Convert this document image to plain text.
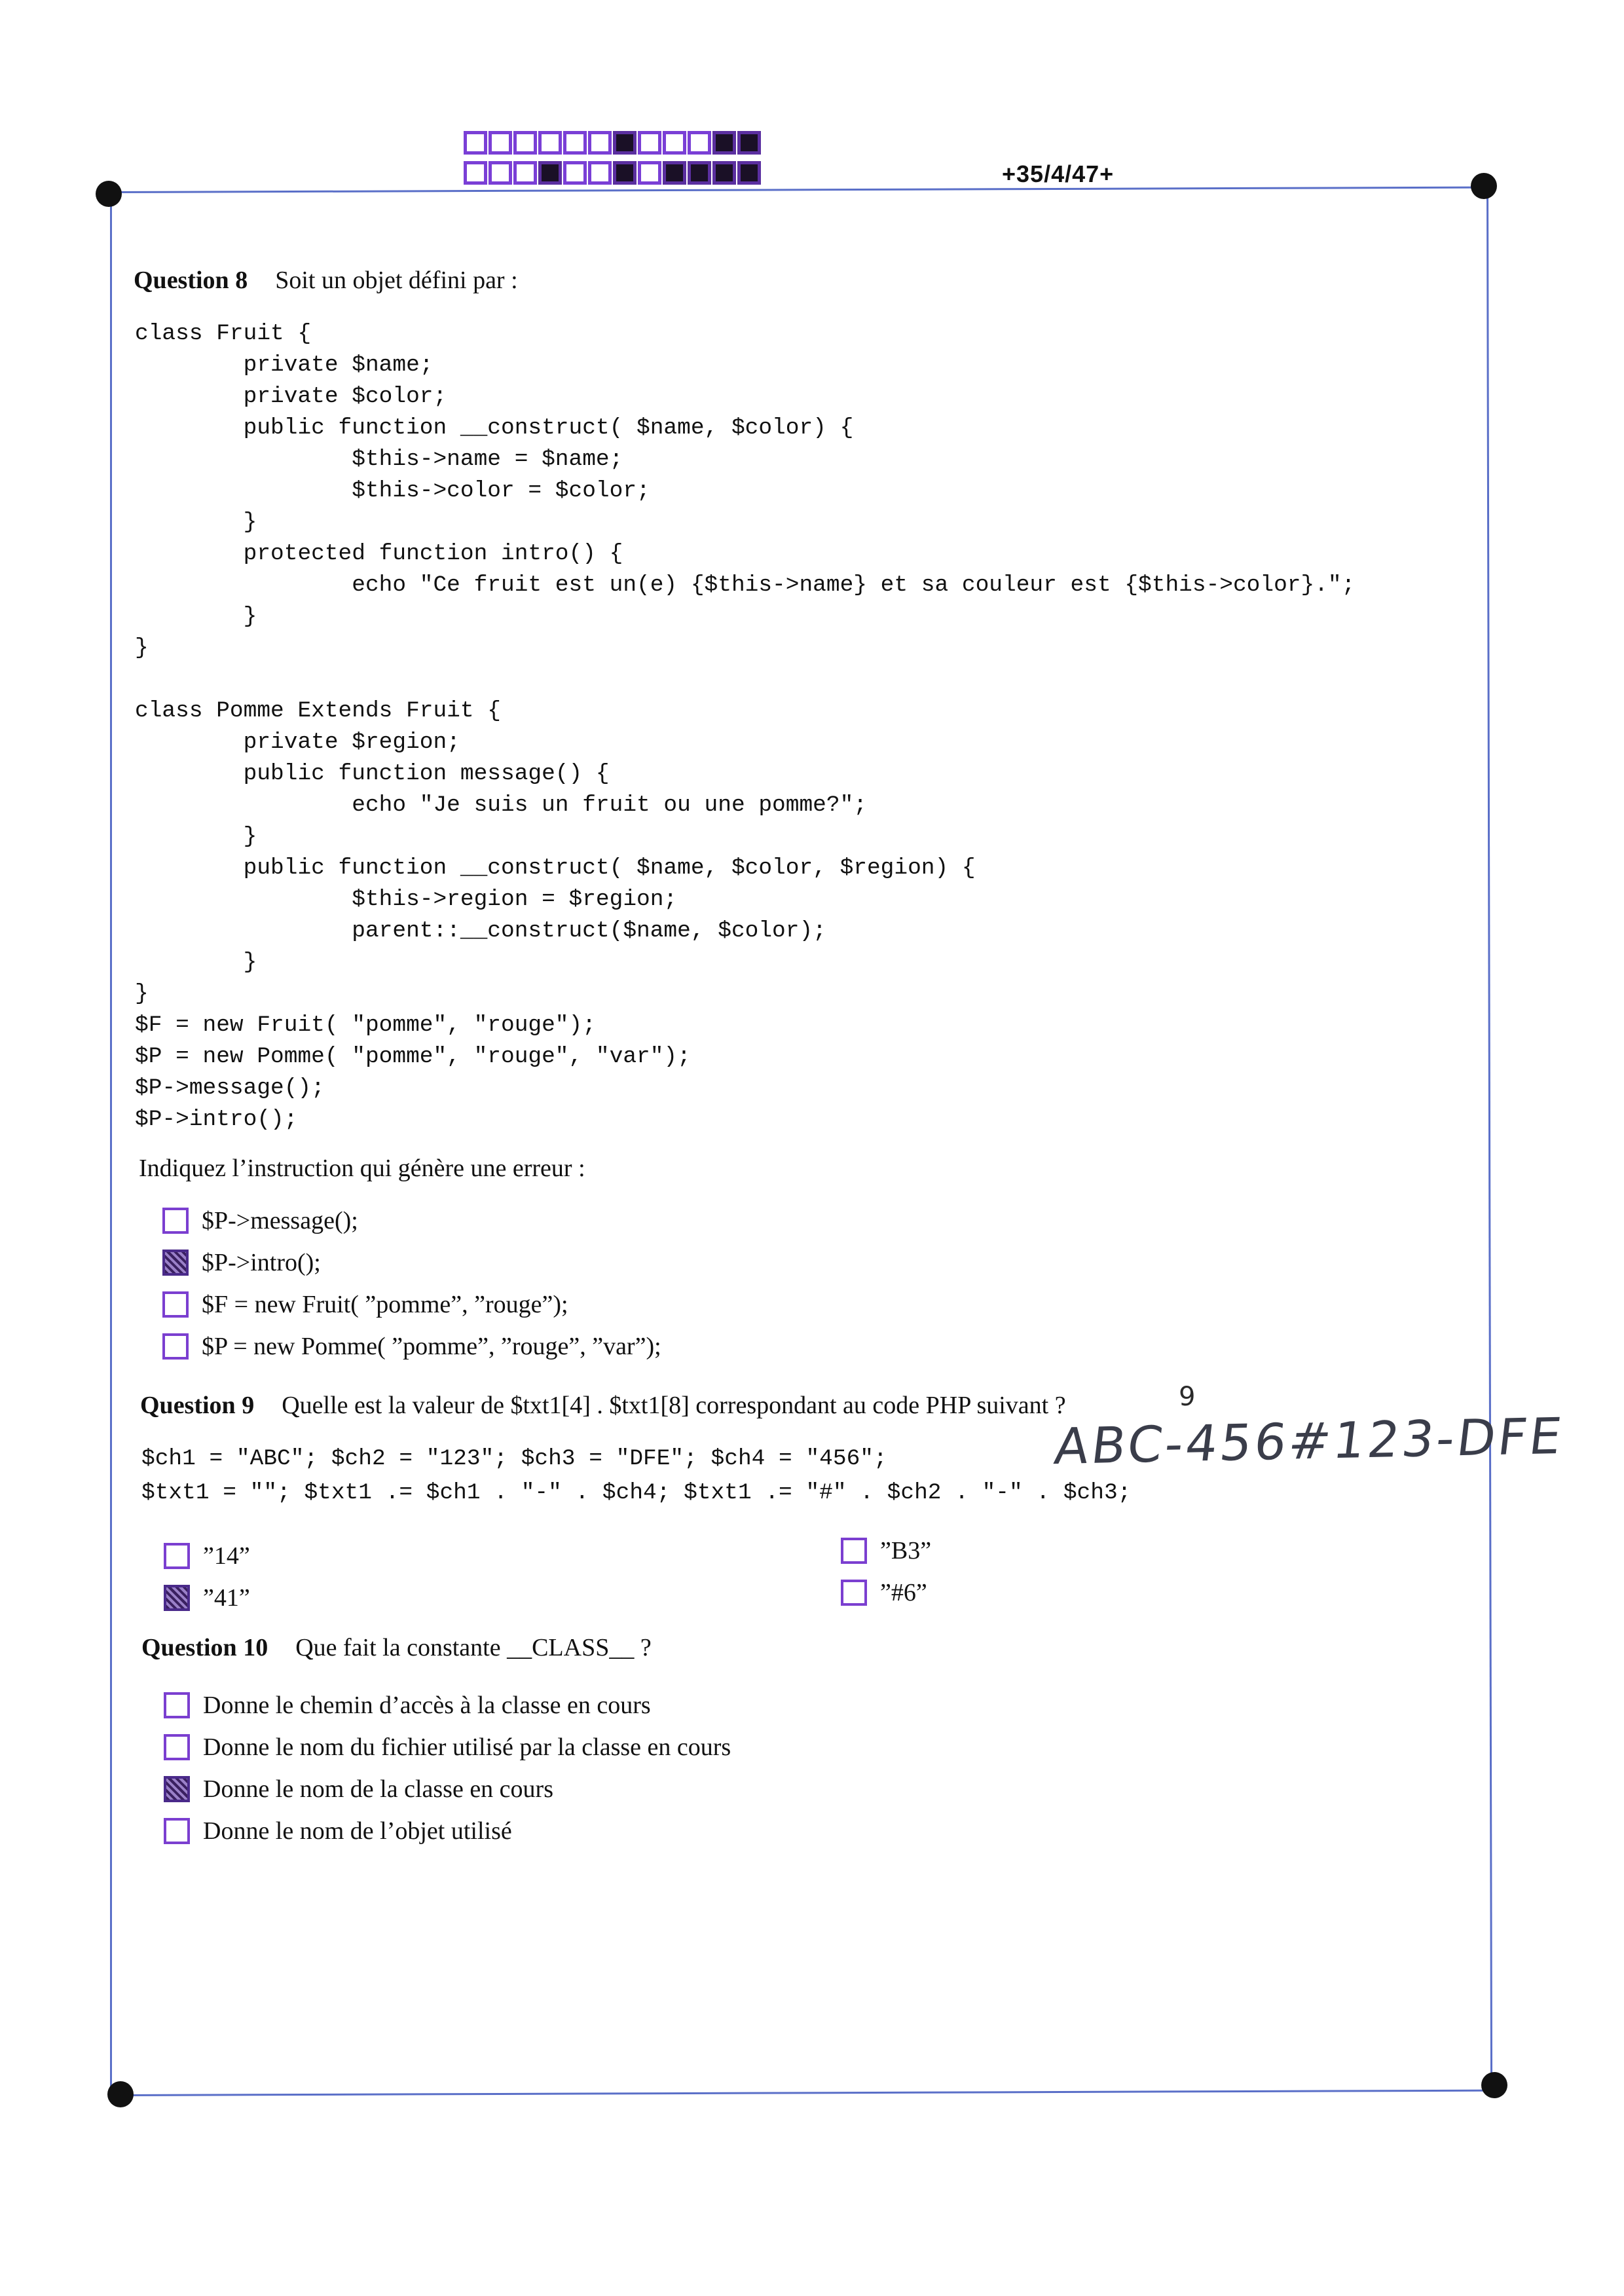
+35/4/47+
Question 8 Soit un objet défini par :
class Fruit {
private $name;
private $color;
public function __construct( $name, $color) {
$this->name = $name;
$this->color = $color;
}
protected function intro() {
echo "Ce fruit est un(e) {$this->name} et sa couleur est {$this->color}.";
}
}

class Pomme Extends Fruit {
private $region;
public function message() {
echo "Je suis un fruit ou une pomme?";
}
public function __construct( $name, $color, $region) {
$this->region = $region;
parent::__construct($name, $color);
}
}
$F = new Fruit( "pomme", "rouge");
$P = new Pomme( "pomme", "rouge", "var");
$P->message();
$P->intro();
Indiquez l’instruction qui génère une erreur :
$P->message();
$P->intro();
$F = new Fruit( ”pomme”, ”rouge”);
$P = new Pomme( ”pomme”, ”rouge”, ”var”);
Question 9 Quelle est la valeur de $txt1[4] . $txt1[8] correspondant au code PHP suivant ?	9
ABC-456#123-DFE
$ch1 = "ABC"; $ch2 = "123"; $ch3 = "DFE"; $ch4 = "456";
$txt1 = ""; $txt1 .= $ch1 . "-" . $ch4; $txt1 .= "#" . $ch2 . "-" . $ch3;
”14”
”41”
”B3”
”#6”
Question 10 Que fait la constante __CLASS__ ?
Donne le chemin d’accès à la classe en cours
Donne le nom du fichier utilisé par la classe en cours
Donne le nom de la classe en cours
Donne le nom de l’objet utilisé
